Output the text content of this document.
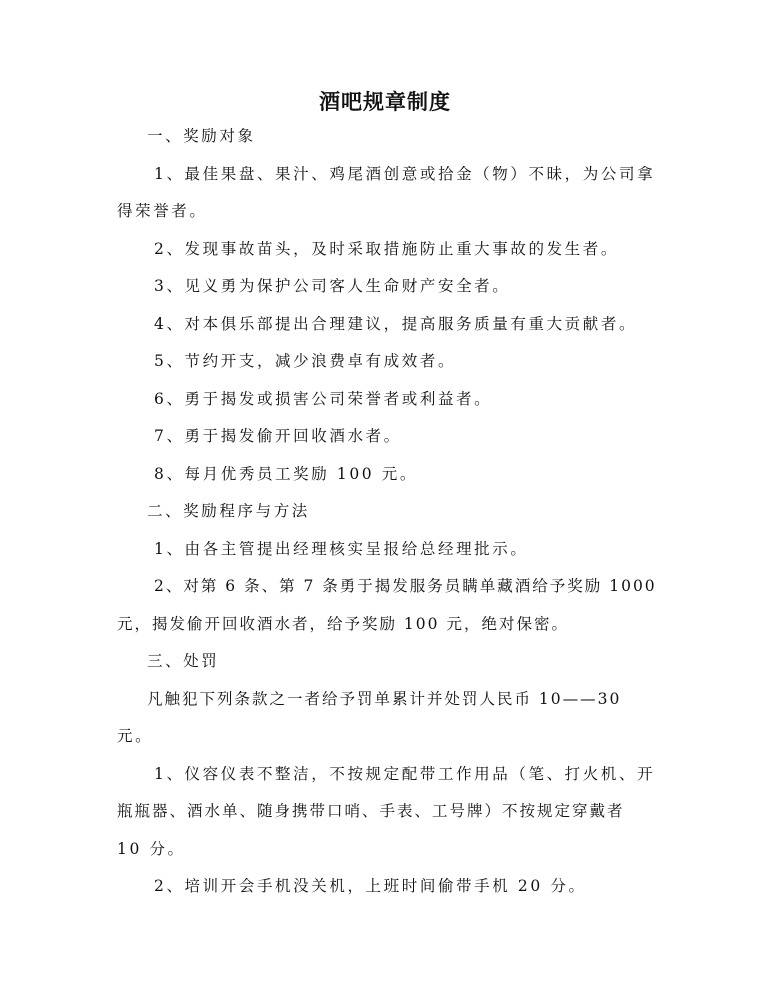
酒吧规章制度

一、奖励对象

1、最佳果盘、果汁、鸡尾酒创意或拾金（物）不昧，为公司拿

得荣誉者。

2、发现事故苗头，及时采取措施防止重大事故的发生者。

3、见义勇为保护公司客人生命财产安全者。

4、对本俱乐部提出合理建议，提高服务质量有重大贡献者。

5、节约开支，减少浪费卓有成效者。

6、勇于揭发或损害公司荣誉者或利益者。

7、勇于揭发偷开回收酒水者。

8、每月优秀员工奖励 100 元。

二、奖励程序与方法

1、由各主管提出经理核实呈报给总经理批示。

2、对第 6 条、第 7 条勇于揭发服务员瞒单藏酒给予奖励 1000

元，揭发偷开回收酒水者，给予奖励 100 元，绝对保密。

三、处罚

凡触犯下列条款之一者给予罚单累计并处罚人民币 10——30

元。

1、仪容仪表不整洁，不按规定配带工作用品（笔、打火机、开

瓶瓶器、酒水单、随身携带口哨、手表、工号牌）不按规定穿戴者

10 分。

2、培训开会手机没关机，上班时间偷带手机 20 分。
